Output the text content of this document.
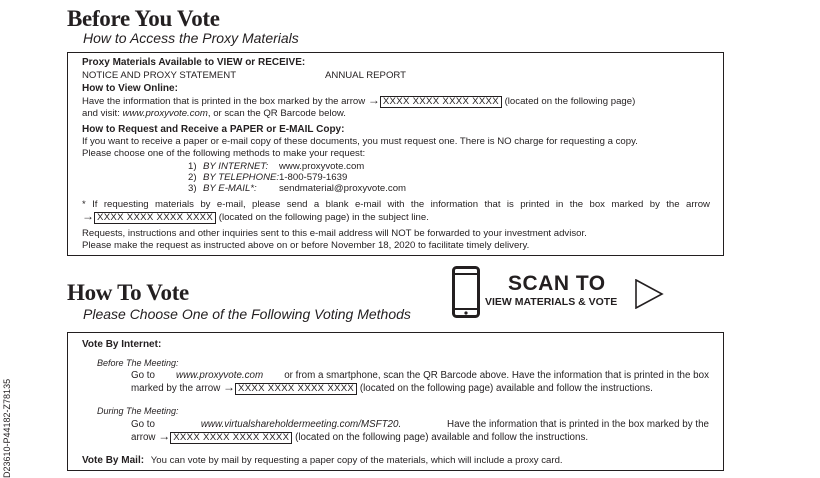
Before You Vote
How to Access the Proxy Materials
Proxy Materials Available to VIEW or RECEIVE:
NOTICE AND PROXY STATEMENT	ANNUAL REPORT
How to View Online:
Have the information that is printed in the box marked by the arrow → XXXX XXXX XXXX XXXX (located on the following page)
and visit: www.proxyvote.com, or scan the QR Barcode below.
How to Request and Receive a PAPER or E-MAIL Copy:
If you want to receive a paper or e-mail copy of these documents, you must request one. There is NO charge for requesting a copy.
Please choose one of the following methods to make your request:
1) BY INTERNET: www.proxyvote.com
2) BY TELEPHONE:1-800-579-1639
3) BY E-MAIL*: sendmaterial@proxyvote.com
* If requesting materials by e-mail, please send a blank e-mail with the information that is printed in the box marked by the arrow
→ XXXX XXXX XXXX XXXX (located on the following page) in the subject line.
Requests, instructions and other inquiries sent to this e-mail address will NOT be forwarded to your investment advisor.
Please make the request as instructed above on or before November 18, 2020 to facilitate timely delivery.
How To Vote
Please Choose One of the Following Voting Methods
SCAN TO
VIEW MATERIALS & VOTE
Vote By Internet:
Before The Meeting:
Go to www.proxyvote.com or from a smartphone, scan the QR Barcode above. Have the information that is printed in the box
marked by the arrow → XXXX XXXX XXXX XXXX (located on the following page) available and follow the instructions.
During The Meeting:
Go to	www.virtualshareholdermeeting.com/MSFT20.	Have the information that is printed in the box marked by the
arrow → XXXX XXXX XXXX XXXX (located on the following page) available and follow the instructions.
Vote By Mail: You can vote by mail by requesting a paper copy of the materials, which will include a proxy card.
D23610-P44182-Z78135
